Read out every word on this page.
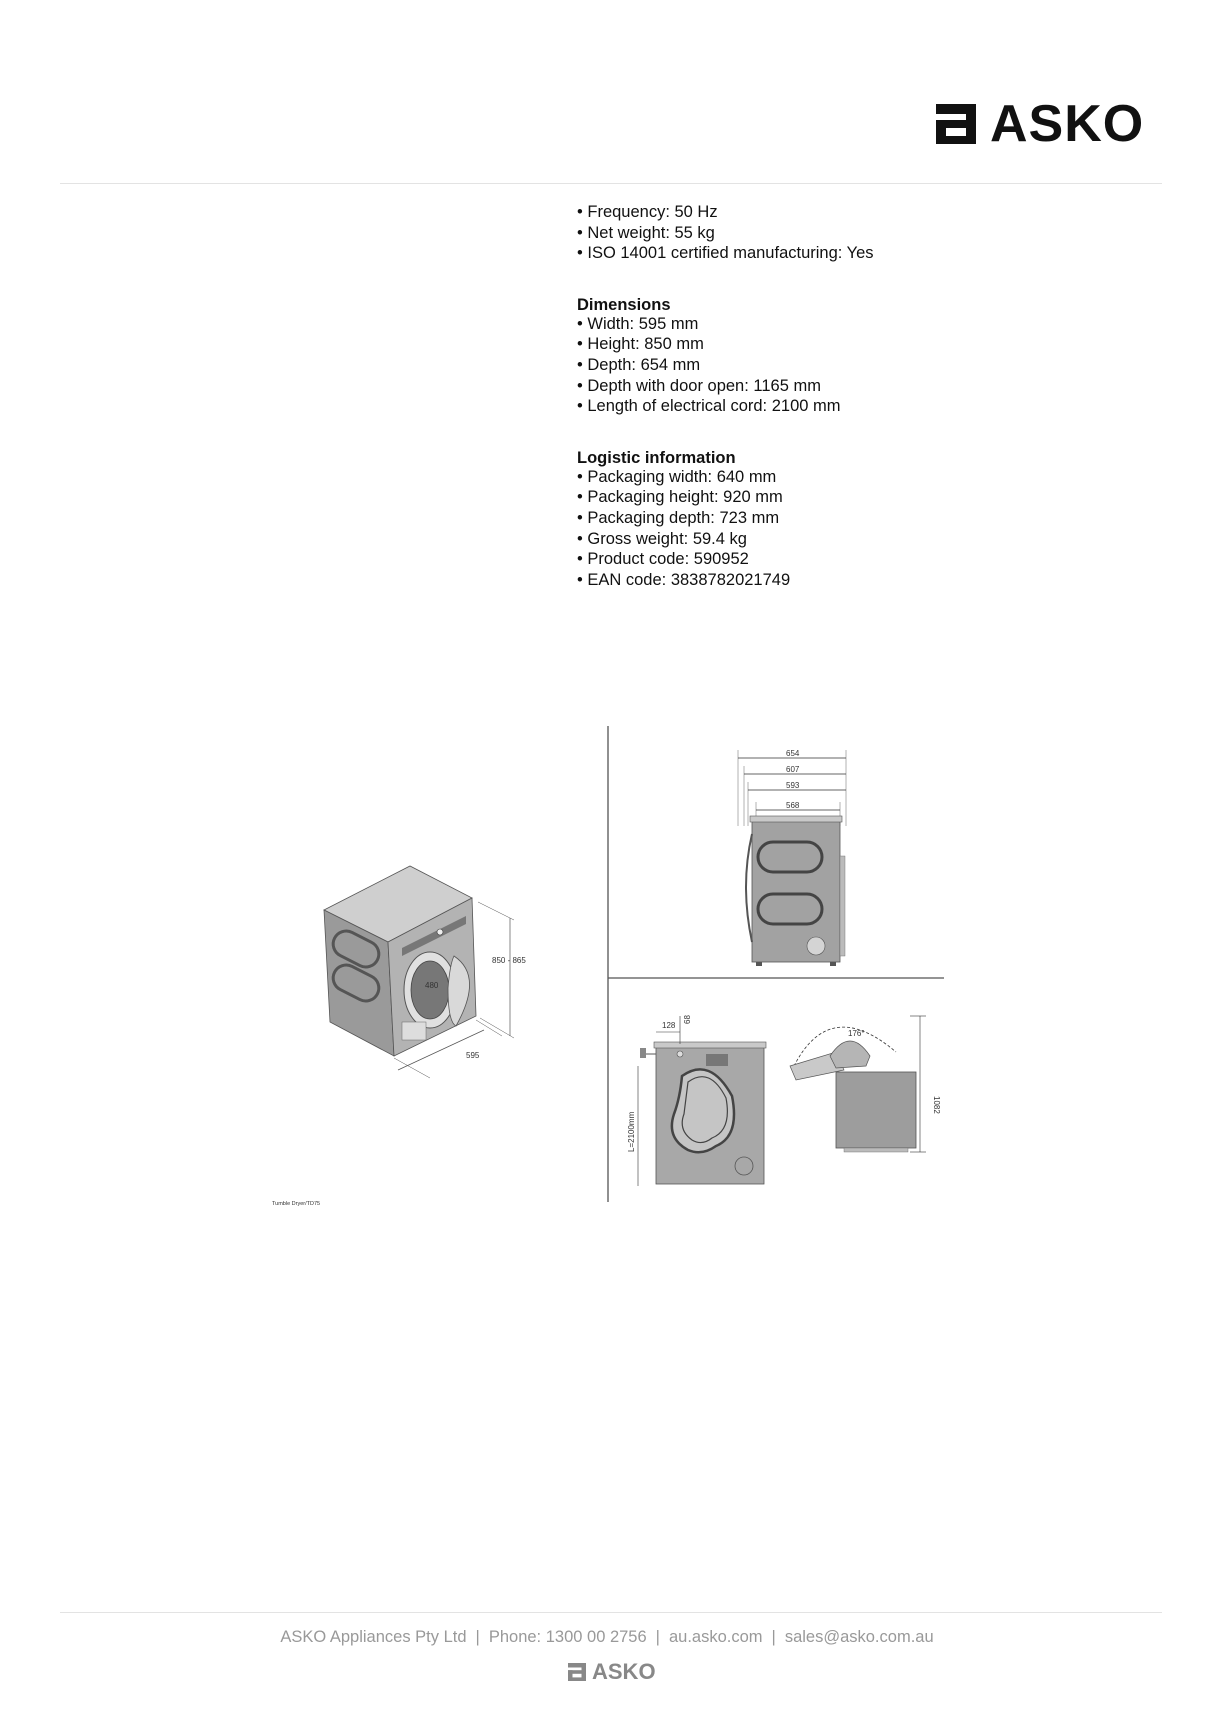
ASKO
• Frequency: 50 Hz
• Net weight: 55 kg
• ISO 14001 certified manufacturing: Yes
Dimensions
• Width: 595 mm
• Height: 850 mm
• Depth: 654 mm
• Depth with door open: 1165 mm
• Length of electrical cord: 2100 mm
Logistic information
• Packaging width: 640 mm
• Packaging height: 920 mm
• Packaging depth: 723 mm
• Gross weight: 59.4 kg
• Product code: 590952
• EAN code: 3838782021749
850 - 865
480
595
654
607
593
568
128
68
L=2100mm
176°
1082
Tumble Dryer/TD75
ASKO Appliances Pty Ltd | Phone: 1300 00 2756 | au.asko.com | sales@asko.com.au
ASKO
